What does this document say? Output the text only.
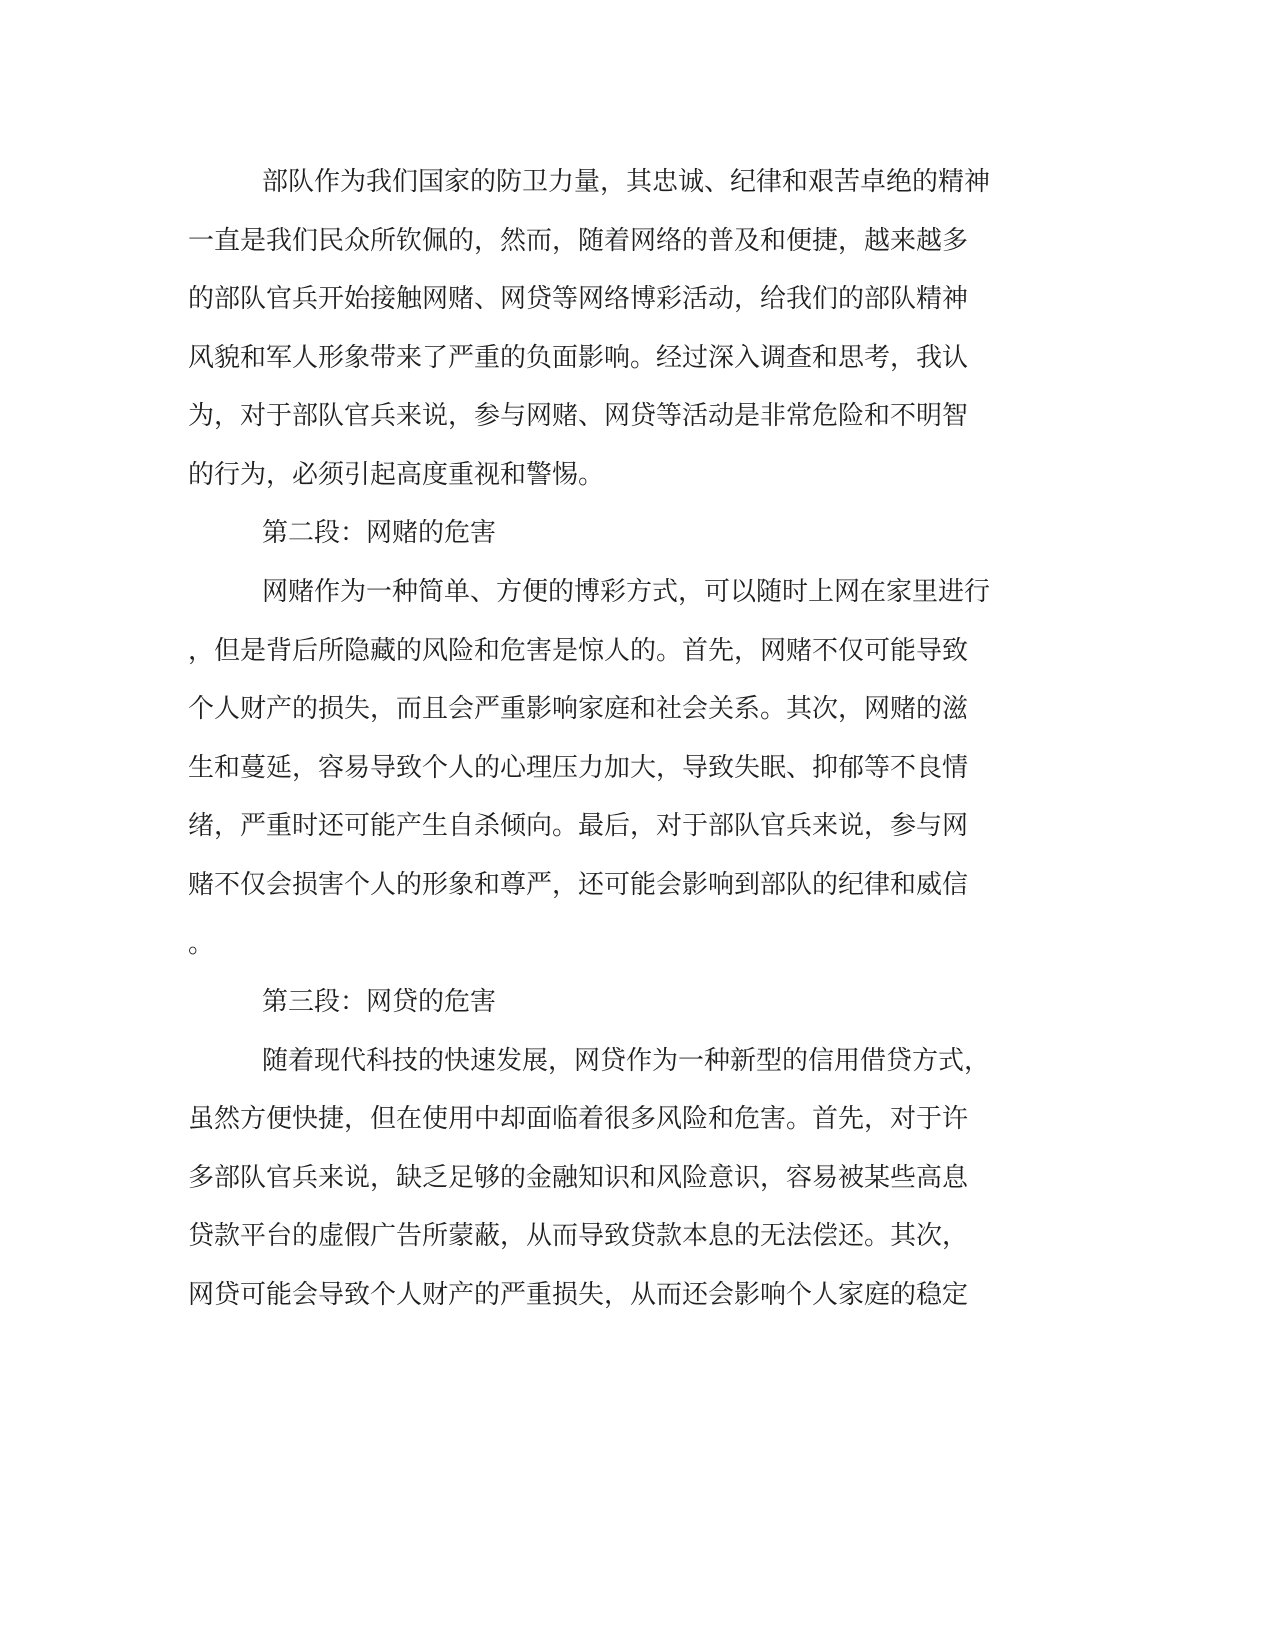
部队作为我们国家的防卫力量，其忠诚、纪律和艰苦卓绝的精神
一直是我们民众所钦佩的，然而，随着网络的普及和便捷，越来越多
的部队官兵开始接触网赌、网贷等网络博彩活动，给我们的部队精神
风貌和军人形象带来了严重的负面影响。经过深入调查和思考，我认
为，对于部队官兵来说，参与网赌、网贷等活动是非常危险和不明智
的行为，必须引起高度重视和警惕。
第二段：网赌的危害
网赌作为一种简单、方便的博彩方式，可以随时上网在家里进行
，但是背后所隐藏的风险和危害是惊人的。首先，网赌不仅可能导致
个人财产的损失，而且会严重影响家庭和社会关系。其次，网赌的滋
生和蔓延，容易导致个人的心理压力加大，导致失眠、抑郁等不良情
绪，严重时还可能产生自杀倾向。最后，对于部队官兵来说，参与网
赌不仅会损害个人的形象和尊严，还可能会影响到部队的纪律和威信
。
第三段：网贷的危害
随着现代科技的快速发展，网贷作为一种新型的信用借贷方式，
虽然方便快捷，但在使用中却面临着很多风险和危害。首先，对于许
多部队官兵来说，缺乏足够的金融知识和风险意识，容易被某些高息
贷款平台的虚假广告所蒙蔽，从而导致贷款本息的无法偿还。其次，
网贷可能会导致个人财产的严重损失，从而还会影响个人家庭的稳定
